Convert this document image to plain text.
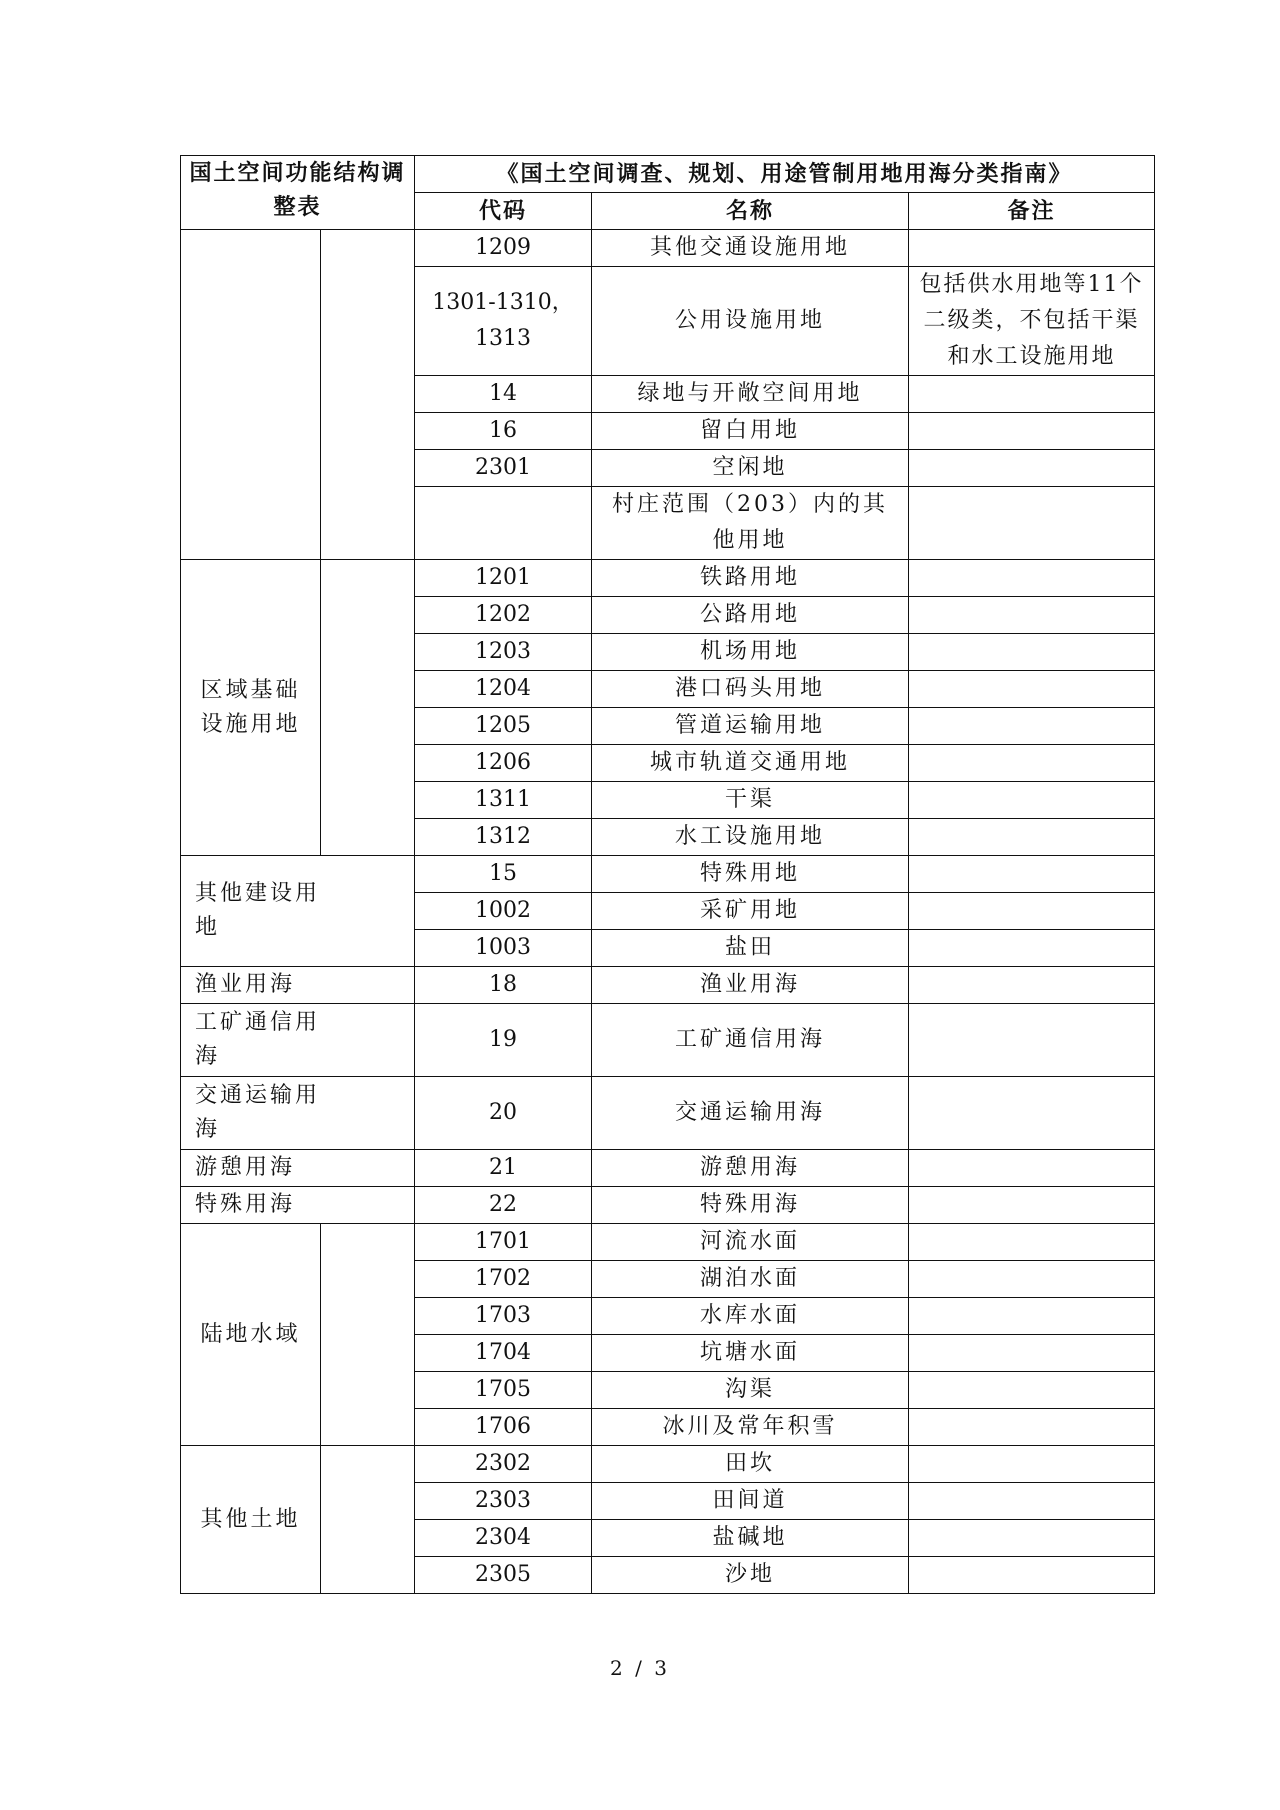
国土空间功能结构调整表		《国土空间调查、规划、用途管制用地用海分类指南》		
		代码	名称	备注
		1209	其他交通设施用地	
		1301-1310，1313	公用设施用地	包括供水用地等11个二级类，不包括干渠和水工设施用地
		14	绿地与开敞空间用地	
		16	留白用地	
		2301	空闲地	
			村庄范围（203）内的其他用地	
区域基础设施用地		1201	铁路用地	
		1202	公路用地	
		1203	机场用地	
		1204	港口码头用地	
		1205	管道运输用地	
		1206	城市轨道交通用地	
		1311	干渠	
		1312	水工设施用地	
其他建设用地		15	特殊用地	
		1002	采矿用地	
		1003	盐田	
渔业用海		18	渔业用海	
工矿通信用海		19	工矿通信用海	
交通运输用海		20	交通运输用海	
游憩用海		21	游憩用海	
特殊用海		22	特殊用海	
陆地水域		1701	河流水面	
		1702	湖泊水面	
		1703	水库水面	
		1704	坑塘水面	
		1705	沟渠	
		1706	冰川及常年积雪	
其他土地		2302	田坎	
		2303	田间道	
		2304	盐碱地	
		2305	沙地	
2 / 3
